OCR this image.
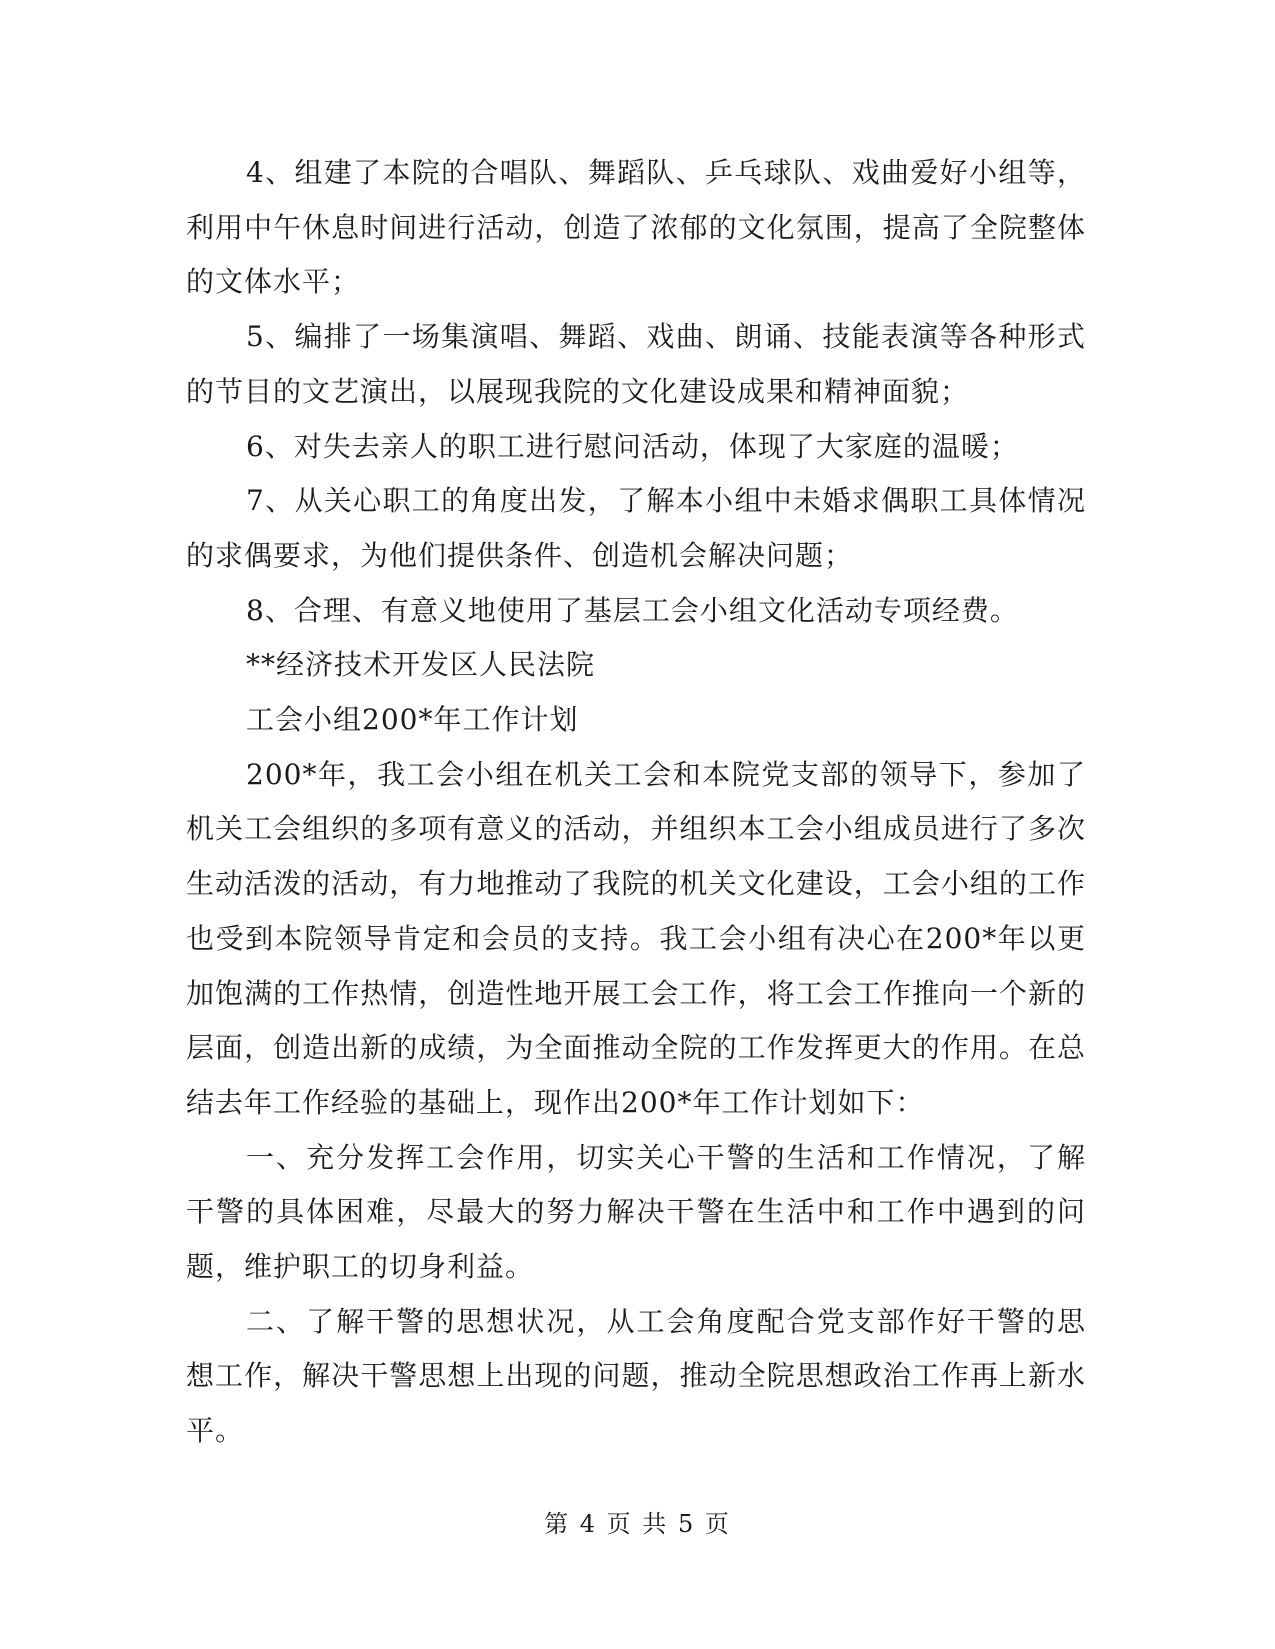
4、组建了本院的合唱队、舞蹈队、乒乓球队、戏曲爱好小组等，利用中午休息时间进行活动，创造了浓郁的文化氛围，提高了全院整体的文体水平；

5、编排了一场集演唱、舞蹈、戏曲、朗诵、技能表演等各种形式的节目的文艺演出，以展现我院的文化建设成果和精神面貌；

6、对失去亲人的职工进行慰问活动，体现了大家庭的温暖；

7、从关心职工的角度出发，了解本小组中未婚求偶职工具体情况的求偶要求，为他们提供条件、创造机会解决问题；

8、合理、有意义地使用了基层工会小组文化活动专项经费。

**经济技术开发区人民法院

工会小组200*年工作计划

200*年，我工会小组在机关工会和本院党支部的领导下，参加了机关工会组织的多项有意义的活动，并组织本工会小组成员进行了多次生动活泼的活动，有力地推动了我院的机关文化建设，工会小组的工作也受到本院领导肯定和会员的支持。我工会小组有决心在200*年以更加饱满的工作热情，创造性地开展工会工作，将工会工作推向一个新的层面，创造出新的成绩，为全面推动全院的工作发挥更大的作用。在总结去年工作经验的基础上，现作出200*年工作计划如下：

一、充分发挥工会作用，切实关心干警的生活和工作情况，了解干警的具体困难，尽最大的努力解决干警在生活中和工作中遇到的问题，维护职工的切身利益。

二、了解干警的思想状况，从工会角度配合党支部作好干警的思想工作，解决干警思想上出现的问题，推动全院思想政治工作再上新水平。

第 4 页 共 5 页
